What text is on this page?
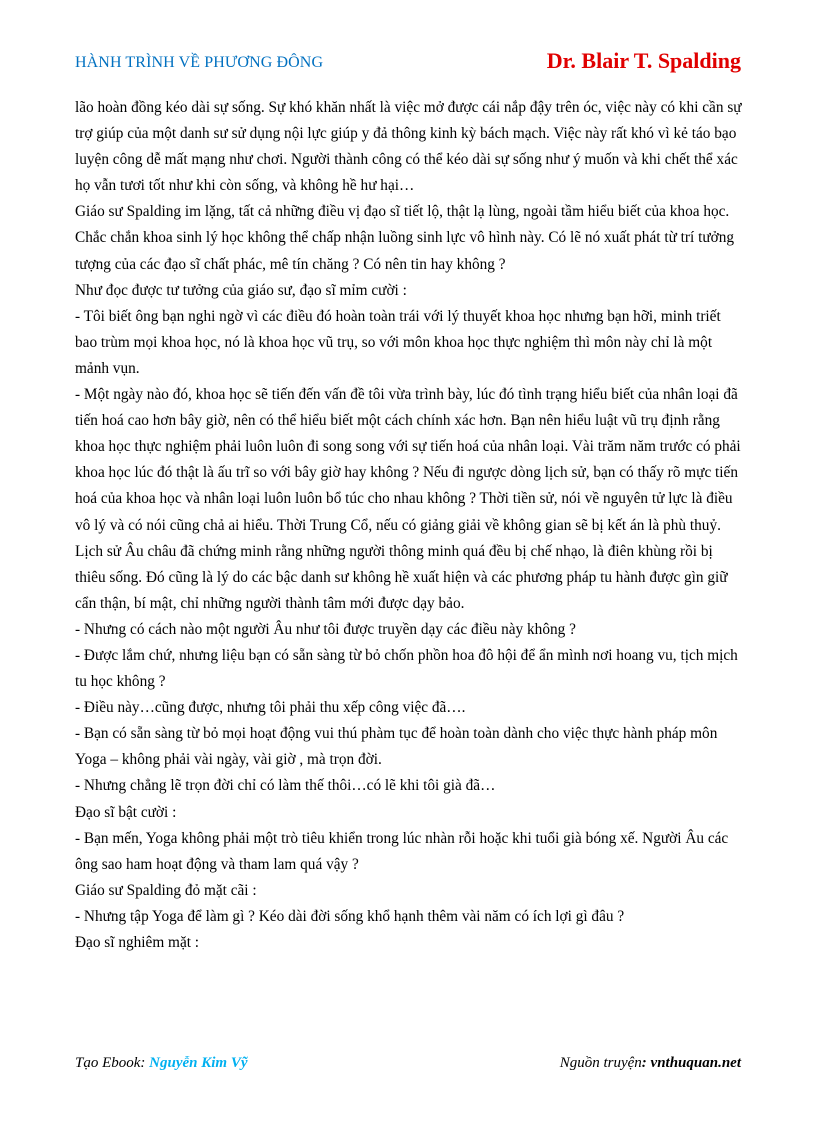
HÀNH TRÌNH VỀ PHƯƠNG ĐÔNG	Dr. Blair T. Spalding

lão hoàn đồng kéo dài sự sống. Sự khó khăn nhất là việc mở được cái nắp đậy trên óc, việc này có khi cần sự trợ giúp của một danh sư sử dụng nội lực giúp y đả thông kinh kỳ bách mạch. Việc này rất khó vì kẻ táo bạo luyện công dễ mất mạng như chơi. Người thành công có thể kéo dài sự sống như ý muốn và khi chết thể xác họ vẫn tươi tốt như khi còn sống, và không hề hư hại…

Giáo sư Spalding im lặng, tất cả những điều vị đạo sĩ tiết lộ, thật lạ lùng, ngoài tầm hiểu biết của khoa học. Chắc chắn khoa sinh lý học không thể chấp nhận luồng sinh lực vô hình này. Có lẽ nó xuất phát từ trí tưởng tượng của các đạo sĩ chất phác, mê tín chăng ? Có nên tin hay không ?

Như đọc được tư tưởng của giáo sư, đạo sĩ mỉm cười :

- Tôi biết ông bạn nghi ngờ vì các điều đó hoàn toàn trái với lý thuyết khoa học nhưng bạn hỡi, minh triết bao trùm mọi khoa học, nó là khoa học vũ trụ, so với môn khoa học thực nghiệm thì môn này chỉ là một mảnh vụn.

- Một ngày nào đó, khoa học sẽ tiến đến vấn đề tôi vừa trình bày, lúc đó tình trạng hiểu biết của nhân loại đã tiến hoá cao hơn bây giờ, nên có thể hiểu biết một cách chính xác hơn. Bạn nên hiểu luật vũ trụ định rằng khoa học thực nghiệm phải luôn luôn đi song song với sự tiến hoá của nhân loại. Vài trăm năm trước có phải khoa học lúc đó thật là ấu trĩ so với bây giờ hay không ? Nếu đi ngược dòng lịch sử, bạn có thấy rõ mực tiến hoá của khoa học và nhân loại luôn luôn bổ túc cho nhau không ? Thời tiền sử, nói về nguyên tử lực là điều vô lý và có nói cũng chả ai hiểu. Thời Trung Cổ, nếu có giảng giải về không gian sẽ bị kết án là phù thuỷ. Lịch sử Âu châu đã chứng minh rằng những người thông minh quá đều bị chế nhạo, là điên khùng rồi bị thiêu sống. Đó cũng là lý do các bậc danh sư không hề xuất hiện và các phương pháp tu hành được gìn giữ cẩn thận, bí mật, chỉ những người thành tâm mới được dạy bảo.

- Nhưng có cách nào một người Âu như tôi được truyền dạy các điều này không ?

- Được lắm chứ, nhưng liệu bạn có sẵn sàng từ bỏ chốn phồn hoa đô hội để ẩn mình nơi hoang vu, tịch mịch tu học không ?

- Điều này…cũng được, nhưng tôi phải thu xếp công việc đã….

- Bạn có sẵn sàng từ bỏ mọi hoạt động vui thú phàm tục để hoàn toàn dành cho việc thực hành pháp môn Yoga – không phải vài ngày, vài giờ , mà trọn đời.

- Nhưng chẳng lẽ trọn đời chỉ có làm thế thôi…có lẽ khi tôi già đã…

Đạo sĩ bật cười :

- Bạn mến, Yoga không phải một trò tiêu khiển trong lúc nhàn rỗi hoặc khi tuổi già bóng xế. Người Âu các ông sao ham hoạt động và tham lam quá vậy ?

Giáo sư Spalding đỏ mặt cãi :

- Nhưng tập Yoga để làm gì ? Kéo dài đời sống khổ hạnh thêm vài năm có ích lợi gì đâu ?

Đạo sĩ nghiêm mặt :

Tạo Ebook: Nguyễn Kim Vỹ	Nguồn truyện: vnthuquan.net
